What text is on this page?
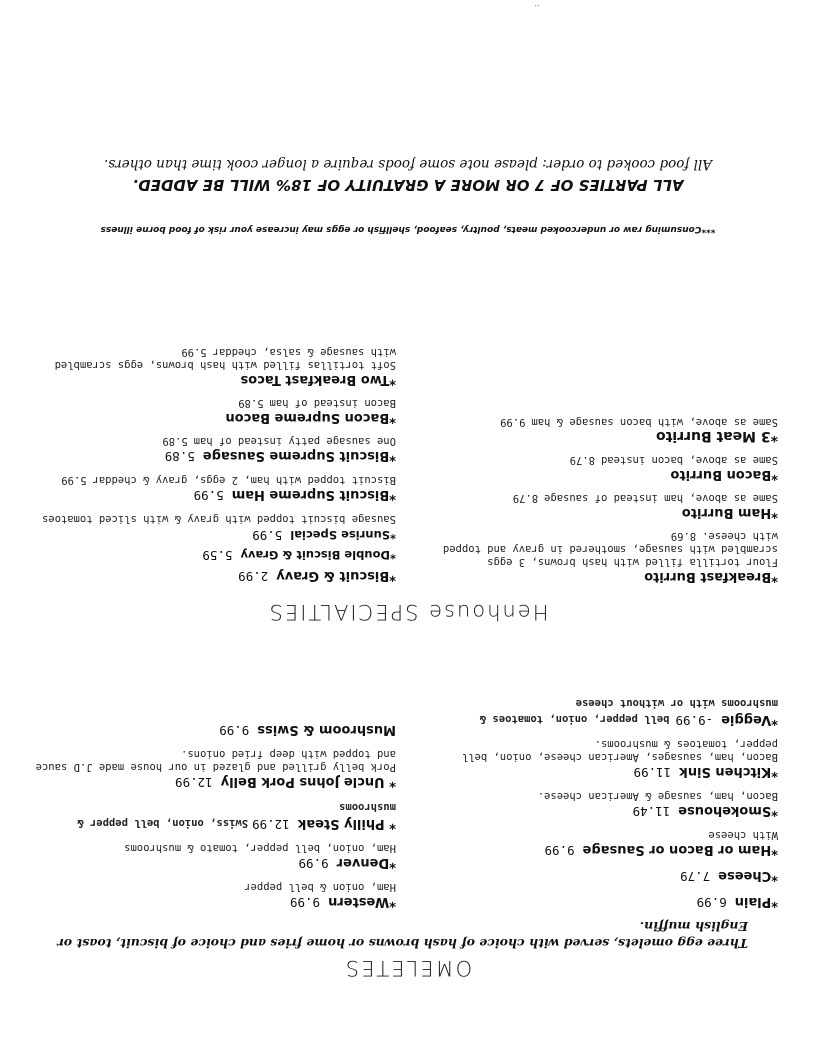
OMELETES
Three egg omelets, served with choice of hash browns or home fries and choice of biscuit, toast or English muffin.
*Plain6.99
*Cheese7.79
*Ham or Bacon or Sausage9.99
With cheese
*Smokehouse11.49
Bacon, ham, sausage & American cheese.
*Kitchen Sink11.99
Bacon, ham, sausages, American cheese, onion, bell pepper, tomatoes & mushrooms.
*Veggie-9.99bell pepper, onion, tomatoes & mushrooms with or without cheese
*Western9.99
Ham, onion & bell pepper
*Denver9.99
Ham, onion, bell pepper, tomato & mushrooms
* Philly Steak12.99Swiss, onion, bell pepper & mushrooms
* Uncle Johns Pork Belly12.99
Pork belly grilled and glazed in our house made J.D sauce and topped with deep fried onions.
Mushroom & Swiss9.99
Henhouse SPECIALTIES
*Breakfast Burrito
Flour tortilla filled with hash browns, 3 eggs scrambled with sausage, smothered in gravy and topped with cheese.8.69
*Ham Burrito
Same as above, ham instead of sausage8.79
*Bacon Burrito
Same as above, bacon instead8.79
*3 Meat Burrito
Same as above, with bacon sausage & ham9.99
*Biscuit & Gravy2.99
*Double Biscuit & Gravy5.59
*Sunrise Special5.99
Sausage biscuit topped with gravy & with sliced tomatoes
*Biscuit Supreme Ham5.99
Biscuit topped with ham, 2 eggs, gravy & cheddar5.99
*Biscuit Supreme Sausage5.89
One sausage patty instead of ham5.89
*Bacon Supreme Bacon
Bacon instead of ham5.89
*Two Breakfast Tacos
Soft tortillas filled with hash browns, eggs scrambled with sausage & salsa, cheddar5.99
***Consuming raw or undercooked meats, poultry, seafood, shellfish or eggs may increase your risk of food borne illness
ALL PARTIES OF 7 OR MORE A GRATUITY OF 18% WILL BE ADDED.
All food cooked to order: please note some foods require a longer cook time than others.
..
